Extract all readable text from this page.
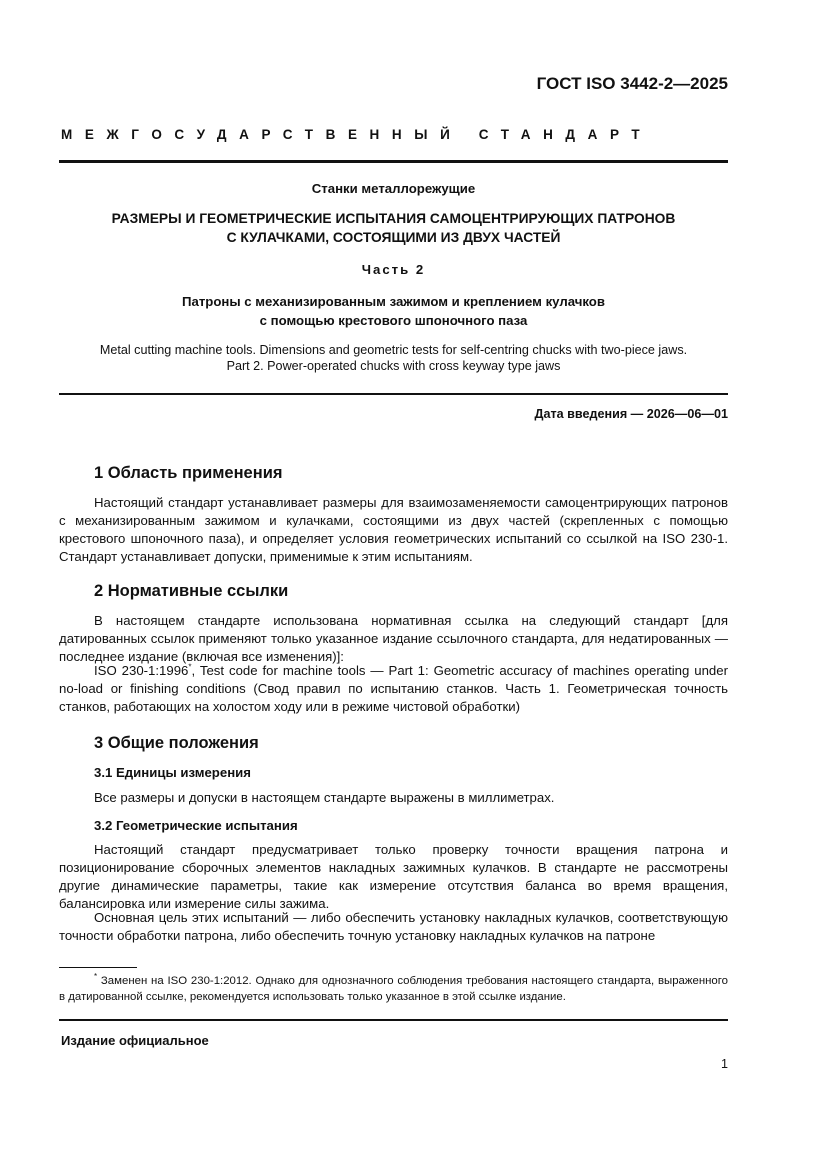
ГОСТ ISO 3442-2—2025
МЕЖГОСУДАРСТВЕННЫЙ СТАНДАРТ
Станки металлорежущие
РАЗМЕРЫ И ГЕОМЕТРИЧЕСКИЕ ИСПЫТАНИЯ САМОЦЕНТРИРУЮЩИХ ПАТРОНОВ
С КУЛАЧКАМИ, СОСТОЯЩИМИ ИЗ ДВУХ ЧАСТЕЙ
Часть 2
Патроны с механизированным зажимом и креплением кулачков
с помощью крестового шпоночного паза
Metal cutting machine tools. Dimensions and geometric tests for self-centring chucks with two-piece jaws.
Part 2. Power-operated chucks with cross keyway type jaws
Дата введения — 2026—06—01
1 Область применения

Настоящий стандарт устанавливает размеры для взаимозаменяемости самоцентрирующих патронов с механизированным зажимом и кулачками, состоящими из двух частей (скрепленных с помощью крестового шпоночного паза), и определяет условия геометрических испытаний со ссылкой на ISO 230-1. Стандарт устанавливает допуски, применимые к этим испытаниям.

2 Нормативные ссылки

В настоящем стандарте использована нормативная ссылка на следующий стандарт [для датированных ссылок применяют только указанное издание ссылочного стандарта, для недатированных — последнее издание (включая все изменения)]:

ISO 230-1:1996*, Test code for machine tools — Part 1: Geometric accuracy of machines operating under no-load or finishing conditions (Свод правил по испытанию станков. Часть 1. Геометрическая точность станков, работающих на холостом ходу или в режиме чистовой обработки)

3 Общие положения
3.1 Единицы измерения

Все размеры и допуски в настоящем стандарте выражены в миллиметрах.

3.2 Геометрические испытания

Настоящий стандарт предусматривает только проверку точности вращения патрона и позиционирование сборочных элементов накладных зажимных кулачков. В стандарте не рассмотрены другие динамические параметры, такие как измерение отсутствия баланса во время вращения, балансировка или измерение силы зажима.

Основная цель этих испытаний — либо обеспечить установку накладных кулачков, соответствующую точности обработки патрона, либо обеспечить точную установку накладных кулачков на патроне

* Заменен на ISO 230-1:2012. Однако для однозначного соблюдения требования настоящего стандарта, выраженного в датированной ссылке, рекомендуется использовать только указанное в этой ссылке издание.

Издание официальное
1
